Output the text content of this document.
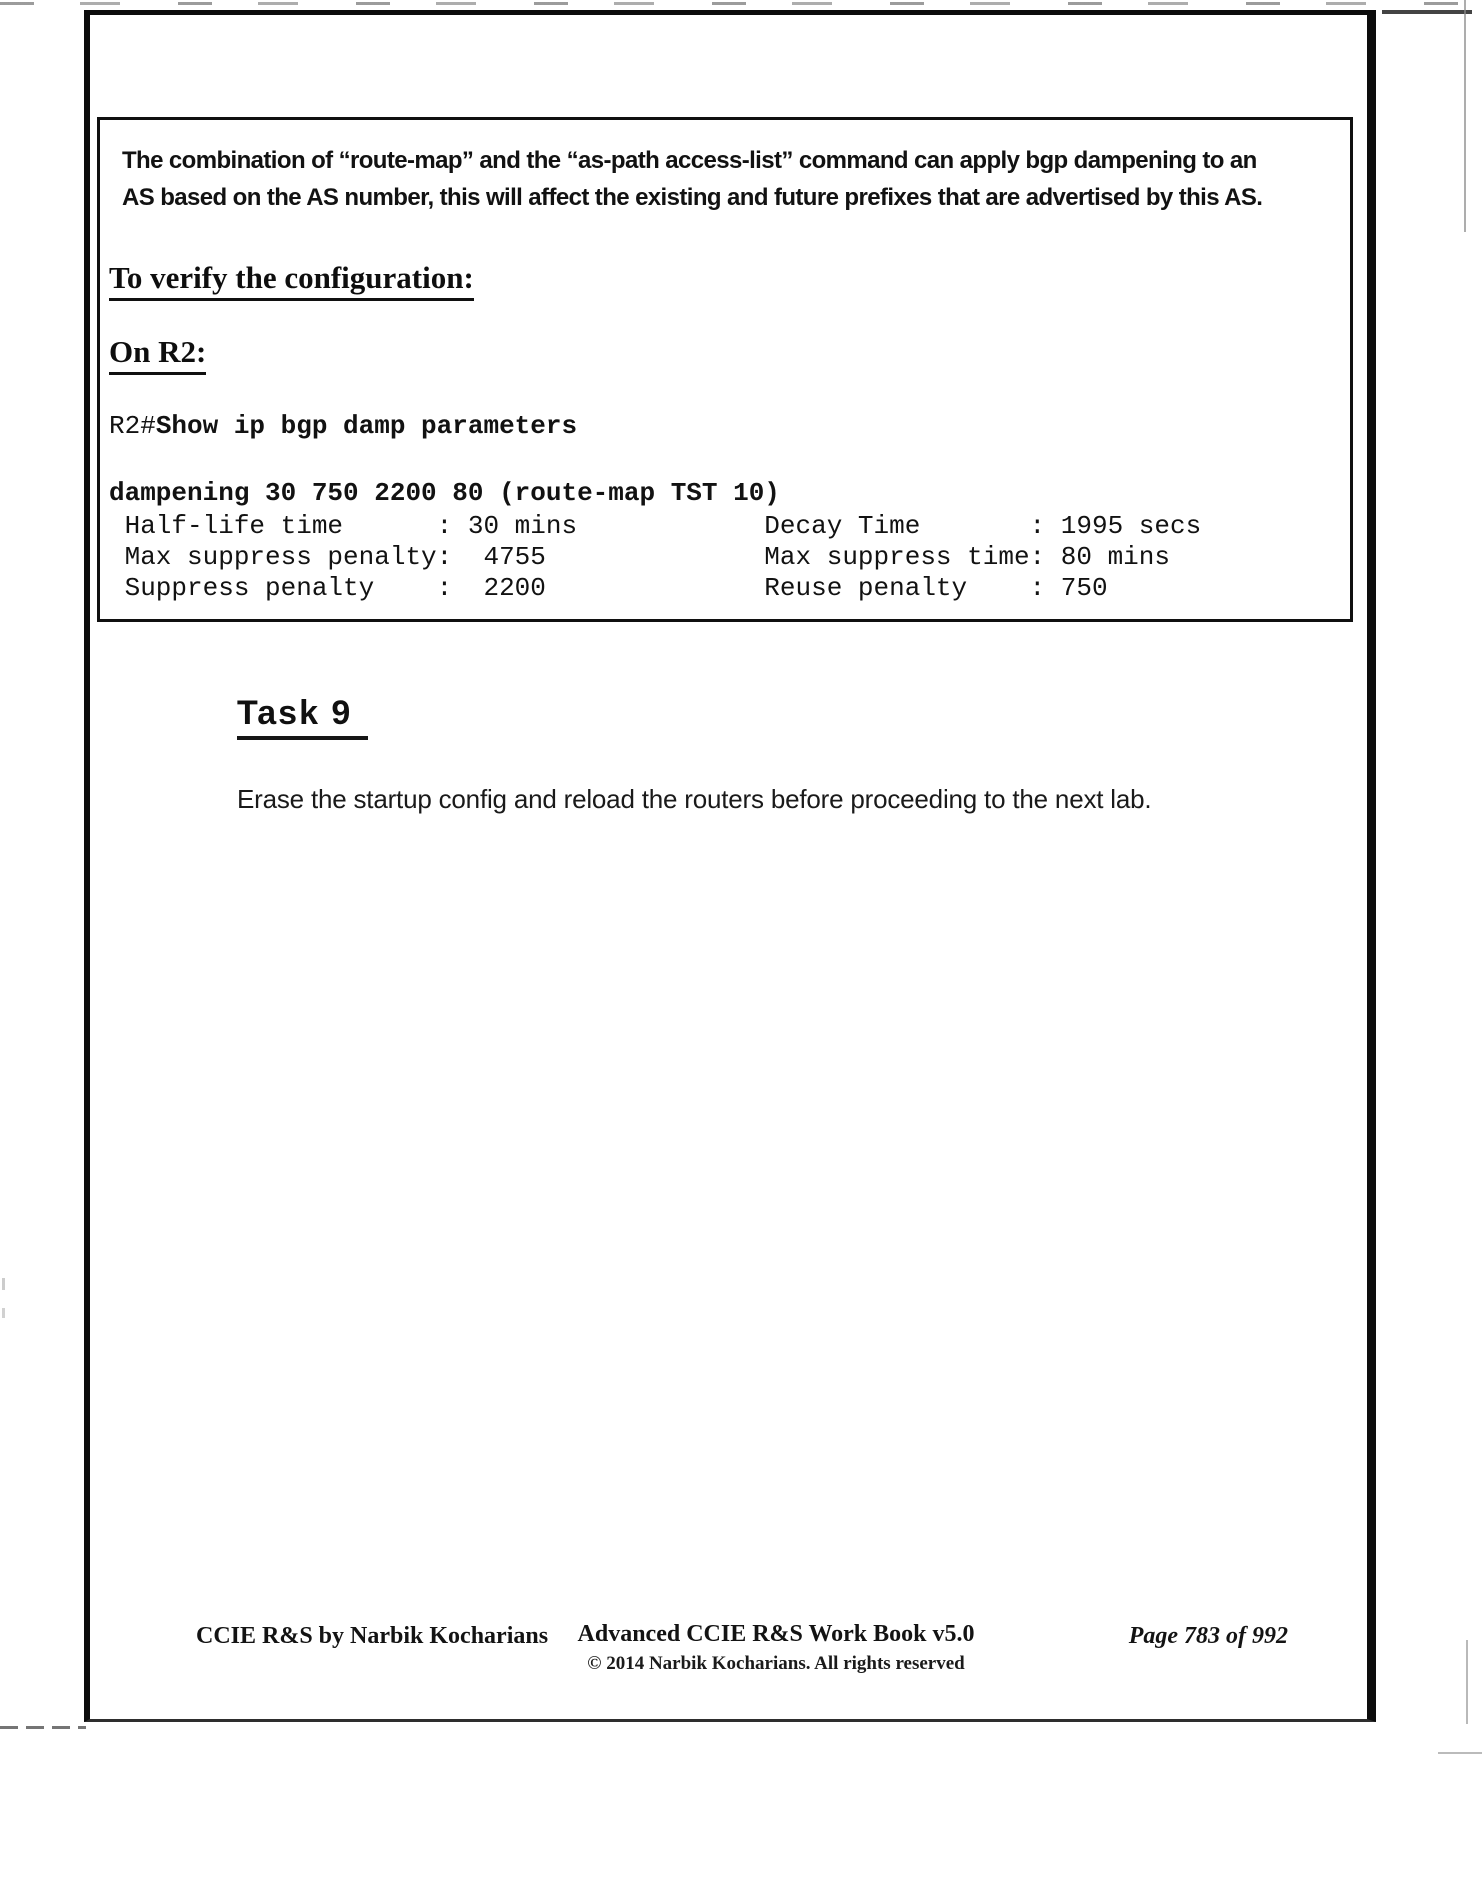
The combination of “route-map” and the “as-path access-list” command can apply bgp dampening to an
AS based on the AS number, this will affect the existing and future prefixes that are advertised by this AS.
To verify the configuration:
On R2:
R2#Show ip bgp damp parameters
dampening 30 750 2200 80 (route-map TST 10)
Half-life time      : 30 mins            Decay Time       : 1995 secs
Max suppress penalty:  4755              Max suppress time: 80 mins
Suppress penalty    :  2200              Reuse penalty    : 750
Task 9
Erase the startup config and reload the routers before proceeding to the next lab.
CCIE R&S by Narbik Kocharians Advanced CCIE R&S Work Book v5.0
© 2014 Narbik Kocharians. All rights reserved
Page 783 of 992
